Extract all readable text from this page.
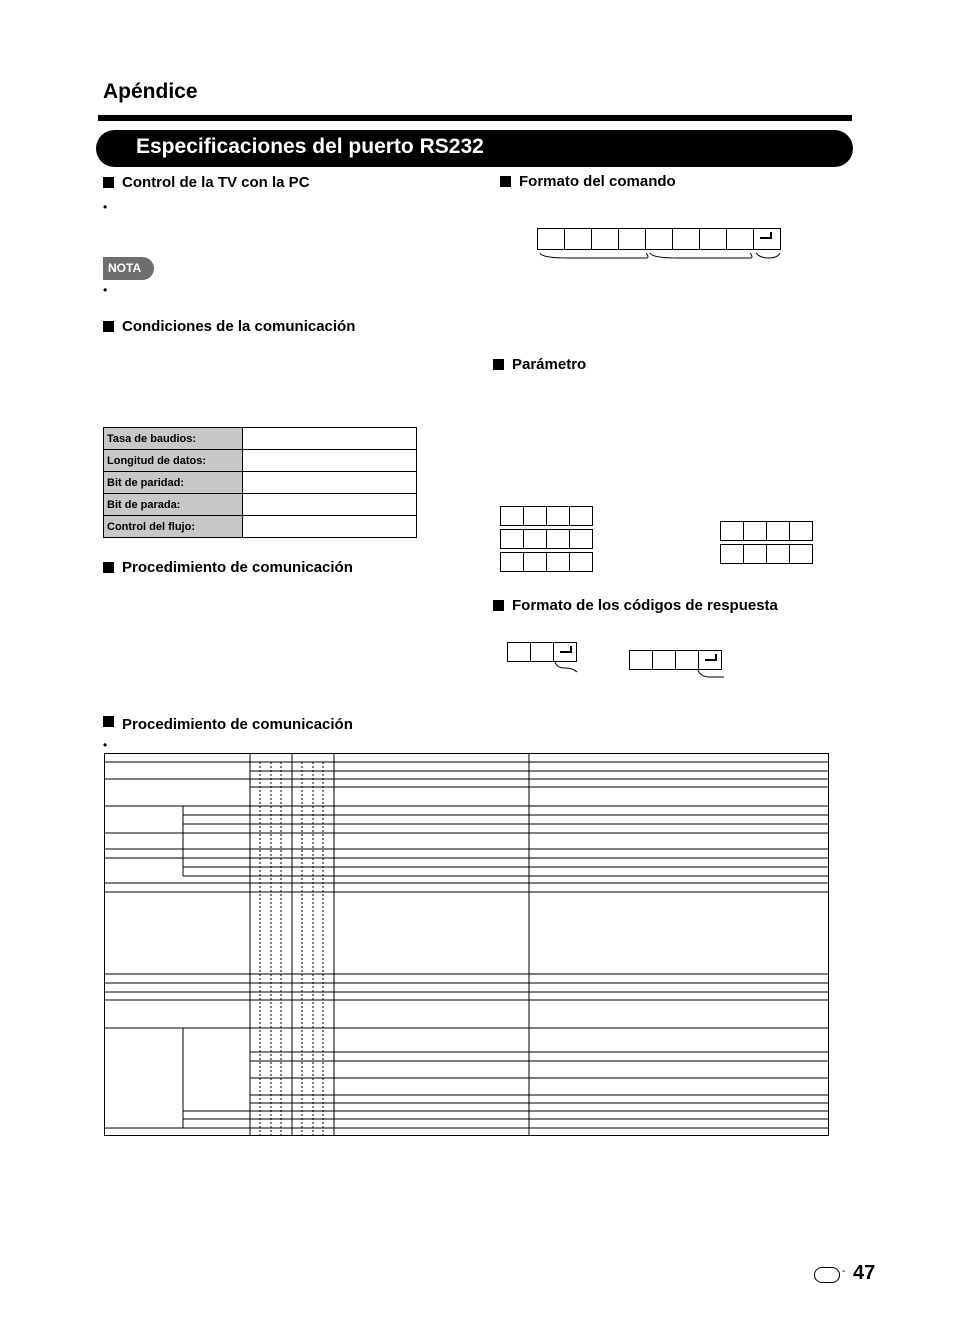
Apéndice
Especificaciones del puerto RS232
Control de la TV con la PC
•
NOTA
•
Condiciones de la comunicación
Tasa de baudios:	
Longitud de datos:	
Bit de paridad:	
Bit de parada:	
Control del flujo:	
Procedimiento de comunicación
Formato del comando
Parámetro
Formato de los códigos de respuesta
Procedimiento de comunicación
•
- 47
